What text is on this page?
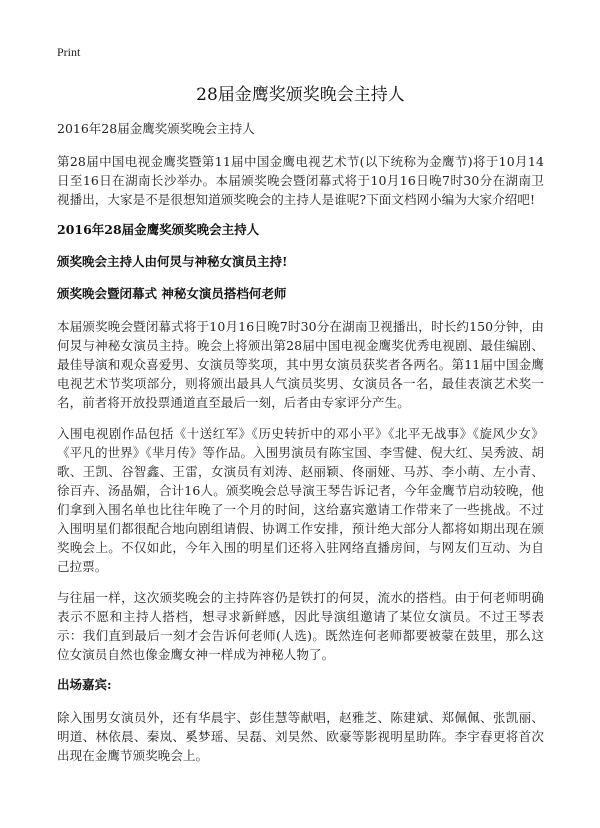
Print
28届金鹰奖颁奖晚会主持人

2016年28届金鹰奖颁奖晚会主持人

第28届中国电视金鹰奖暨第11届中国金鹰电视艺术节(以下统称为金鹰节)将于10月14日至16日在湖南长沙举办。本届颁奖晚会暨闭幕式将于10月16日晚7时30分在湖南卫视播出，大家是不是很想知道颁奖晚会的主持人是谁呢?下面文档网小编为大家介绍吧!

2016年28届金鹰奖颁奖晚会主持人

颁奖晚会主持人由何炅与神秘女演员主持!

颁奖晚会暨闭幕式 神秘女演员搭档何老师

本届颁奖晚会暨闭幕式将于10月16日晚7时30分在湖南卫视播出，时长约150分钟，由何炅与神秘女演员主持。晚会上将颁出第28届中国电视金鹰奖优秀电视剧、最佳编剧、最佳导演和观众喜爱男、女演员等奖项，其中男女演员获奖者各两名。第11届中国金鹰电视艺术节奖项部分，则将颁出最具人气演员奖男、女演员各一名，最佳表演艺术奖一名，前者将开放投票通道直至最后一刻，后者由专家评分产生。

入围电视剧作品包括《十送红军》《历史转折中的邓小平》《北平无战事》《旋风少女》《平凡的世界》《芈月传》等作品。入围男演员有陈宝国、李雪健、倪大红、吴秀波、胡歌、王凯、谷智鑫、王雷，女演员有刘涛、赵丽颖、佟丽娅、马苏、李小萌、左小青、徐百卉、汤晶媚，合计16人。颁奖晚会总导演王琴告诉记者，今年金鹰节启动较晚，他们拿到入围名单也比往年晚了一个月的时间，这给嘉宾邀请工作带来了一些挑战。不过入围明星们都很配合地向剧组请假、协调工作安排，预计绝大部分人都将如期出现在颁奖晚会上。不仅如此，今年入围的明星们还将入驻网络直播房间，与网友们互动、为自己拉票。

与往届一样，这次颁奖晚会的主持阵容仍是铁打的何炅，流水的搭档。由于何老师明确表示不愿和主持人搭档，想寻求新鲜感，因此导演组邀请了某位女演员。不过王琴表示：我们直到最后一刻才会告诉何老师(人选)。既然连何老师都要被蒙在鼓里，那么这位女演员自然也像金鹰女神一样成为神秘人物了。

出场嘉宾:

除入围男女演员外，还有华晨宇、彭佳慧等献唱，赵雅芝、陈建斌、郑佩佩、张凯丽、明道、林依晨、秦岚、奚梦瑶、吴磊、刘昊然、欧豪等影视明星助阵。李宇春更将首次出现在金鹰节颁奖晚会上。
